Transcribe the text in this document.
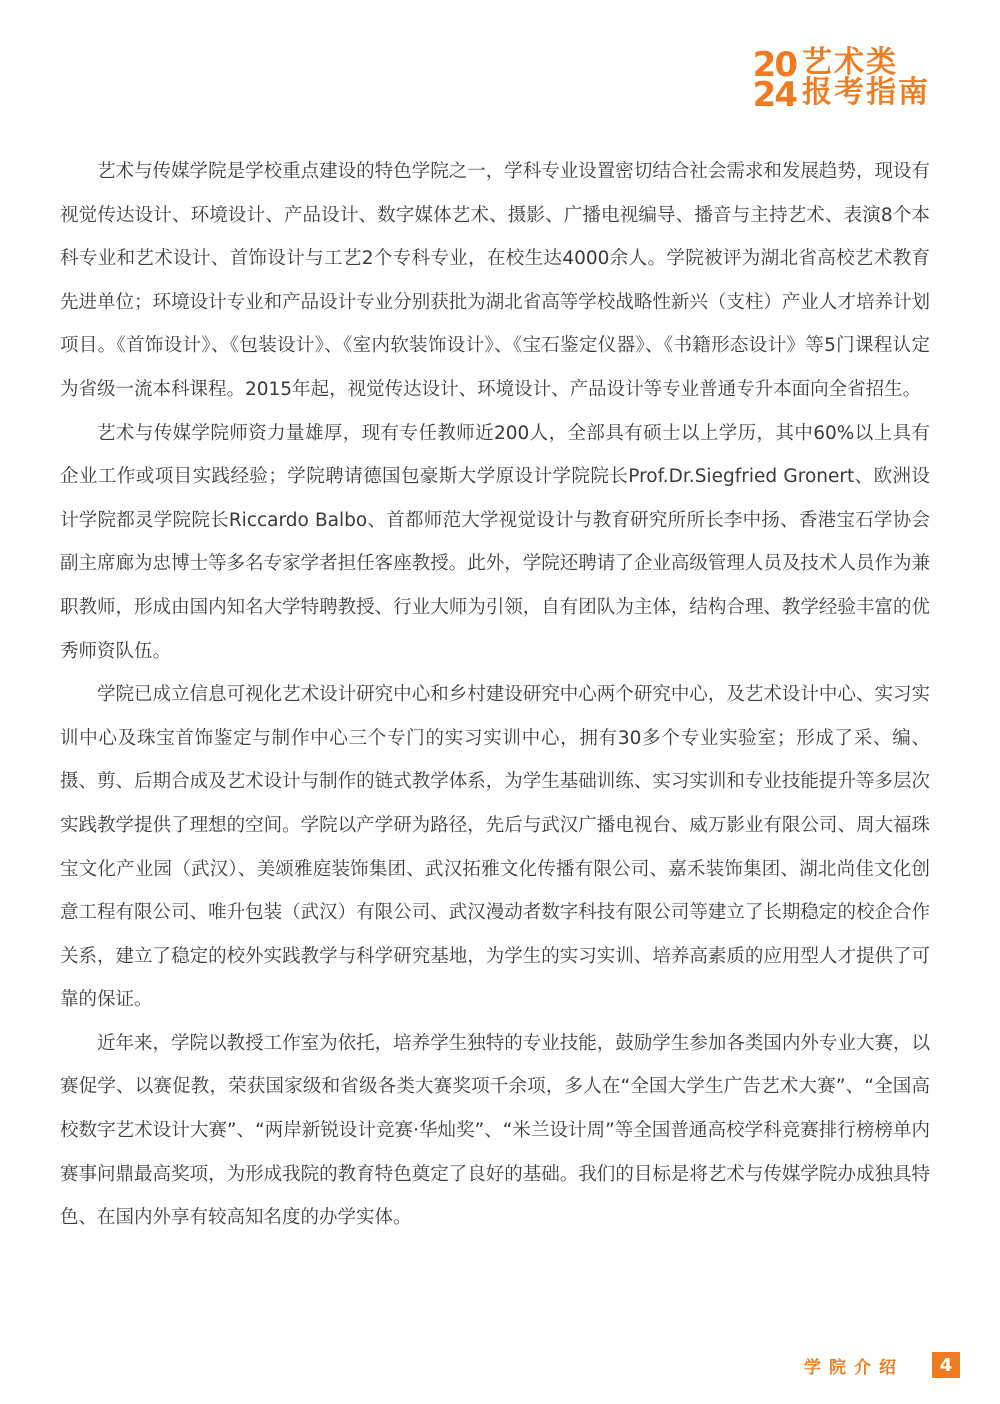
20
24
艺术类
报考指南

艺术与传媒学院是学校重点建设的特色学院之一，学科专业设置密切结合社会需求和发展趋势，现设有视觉传达设计、环境设计、产品设计、数字媒体艺术、摄影、广播电视编导、播音与主持艺术、表演8个本科专业和艺术设计、首饰设计与工艺2个专科专业，在校生达4000余人。学院被评为湖北省高校艺术教育先进单位；环境设计专业和产品设计专业分别获批为湖北省高等学校战略性新兴（支柱）产业人才培养计划项目。《首饰设计》、《包装设计》、《室内软装饰设计》、《宝石鉴定仪器》、《书籍形态设计》等5门课程认定为省级一流本科课程。2015年起，视觉传达设计、环境设计、产品设计等专业普通专升本面向全省招生。

艺术与传媒学院师资力量雄厚，现有专任教师近200人，全部具有硕士以上学历，其中60%以上具有企业工作或项目实践经验；学院聘请德国包豪斯大学原设计学院院长Prof.Dr.Siegfried Gronert、欧洲设计学院都灵学院院长Riccardo Balbo、首都师范大学视觉设计与教育研究所所长李中扬、香港宝石学协会副主席廊为忠博士等多名专家学者担任客座教授。此外，学院还聘请了企业高级管理人员及技术人员作为兼职教师，形成由国内知名大学特聘教授、行业大师为引领，自有团队为主体，结构合理、教学经验丰富的优秀师资队伍。

学院已成立信息可视化艺术设计研究中心和乡村建设研究中心两个研究中心，及艺术设计中心、实习实训中心及珠宝首饰鉴定与制作中心三个专门的实习实训中心，拥有30多个专业实验室；形成了采、编、摄、剪、后期合成及艺术设计与制作的链式教学体系，为学生基础训练、实习实训和专业技能提升等多层次实践教学提供了理想的空间。学院以产学研为路径，先后与武汉广播电视台、威万影业有限公司、周大福珠宝文化产业园（武汉）、美颂雅庭装饰集团、武汉拓雅文化传播有限公司、嘉禾装饰集团、湖北尚佳文化创意工程有限公司、唯升包装（武汉）有限公司、武汉漫动者数字科技有限公司等建立了长期稳定的校企合作关系，建立了稳定的校外实践教学与科学研究基地，为学生的实习实训、培养高素质的应用型人才提供了可靠的保证。

近年来，学院以教授工作室为依托，培养学生独特的专业技能，鼓励学生参加各类国内外专业大赛，以赛促学、以赛促教，荣获国家级和省级各类大赛奖项千余项，多人在“全国大学生广告艺术大赛”、“全国高校数字艺术设计大赛”、“两岸新锐设计竞赛·华灿奖”、“米兰设计周”等全国普通高校学科竞赛排行榜榜单内赛事问鼎最高奖项，为形成我院的教育特色奠定了良好的基础。我们的目标是将艺术与传媒学院办成独具特色、在国内外享有较高知名度的办学实体。

学院介绍	4
